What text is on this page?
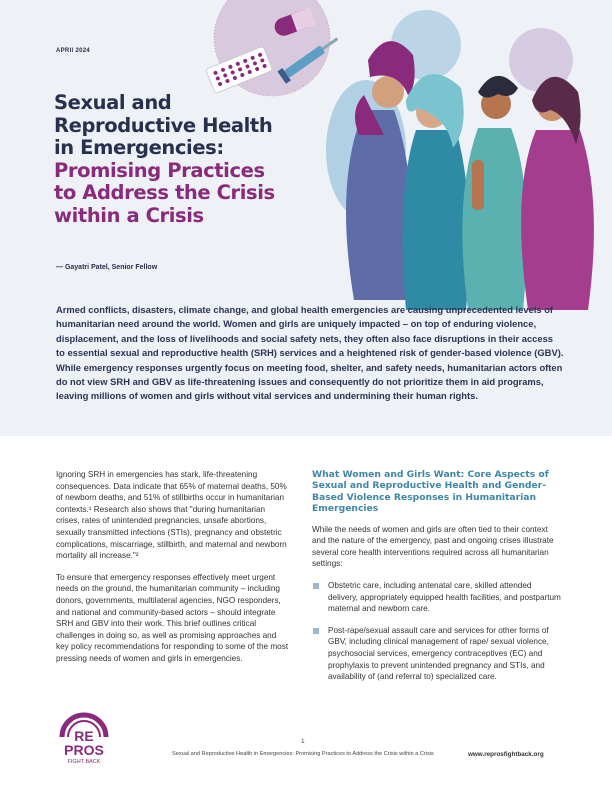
APRIl 2024
Sexual and
Reproductive Health
in Emergencies:
Promising Practices
to Address the Crisis
within a Crisis
— Gayatri Patel, Senior Fellow

Armed conflicts, disasters, climate change, and global health emergencies are causing unprecedented levels of humanitarian need around the world. Women and girls are uniquely impacted – on top of enduring violence, displacement, and the loss of livelihoods and social safety nets, they often also face disruptions in their access to essential sexual and reproductive health (SRH) services and a heightened risk of gender-based violence (GBV). While emergency responses urgently focus on meeting food, shelter, and safety needs, humanitarian actors often do not view SRH and GBV as life-threatening issues and consequently do not prioritize them in aid programs, leaving millions of women and girls without vital services and undermining their human rights.

Ignoring SRH in emergencies has stark, life-threatening consequences. Data indicate that 65% of maternal deaths, 50% of newborn deaths, and 51% of stillbirths occur in humanitarian contexts.¹ Research also shows that "during humanitarian crises, rates of unintended pregnancies, unsafe abortions, sexually transmitted infections (STIs), pregnancy and obstetric complications, miscarriage, stillbirth, and maternal and newborn mortality all increase."²

To ensure that emergency responses effectively meet urgent needs on the ground, the humanitarian community – including donors, governments, multilateral agencies, NGO responders, and national and community-based actors – should integrate SRH and GBV into their work. This brief outlines critical challenges in doing so, as well as promising approaches and key policy recommendations for responding to some of the most pressing needs of women and girls in emergencies.

What Women and Girls Want: Core Aspects of Sexual and Reproductive Health and Gender-Based Violence Responses in Humanitarian Emergencies

While the needs of women and girls are often tied to their context and the nature of the emergency, past and ongoing crises illustrate several core health interventions required across all humanitarian settings:

Obstetric care, including antenatal care, skilled attended delivery, appropriately equipped health facilities, and postpartum maternal and newborn care.
Post-rape/sexual assault care and services for other forms of GBV, including clinical management of rape/ sexual violence, psychosocial services, emergency contraceptives (EC) and prophylaxis to prevent unintended pregnancy and STIs, and availability of (and referral to) specialized care.
RE
PROS
FIGHT BACK
1
Sexual and Reproductive Health in Emergencies: Promising Practices to Address the Crisis within a Crisis	www.reprosfightback.org
